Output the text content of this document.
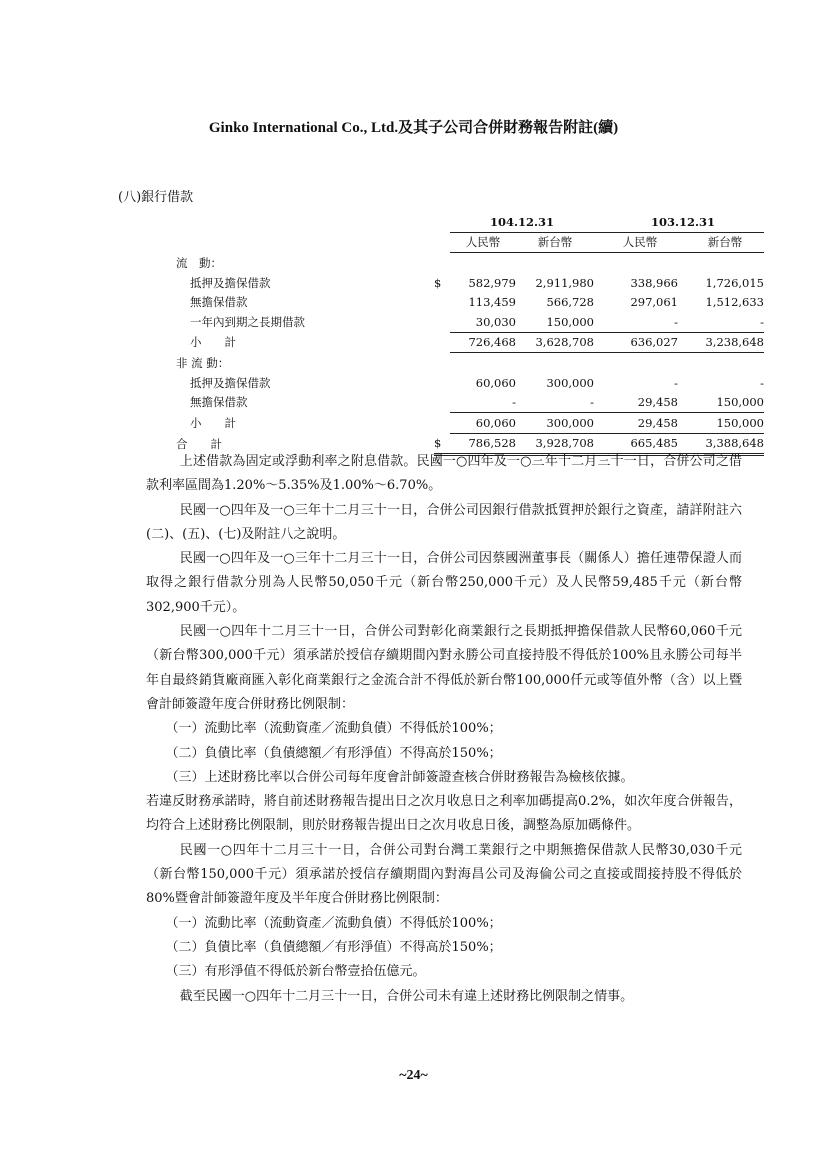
Ginko International Co., Ltd.及其子公司合併財務報告附註(續)
(八)銀行借款
		104.12.31		103.12.31	
		人民幣	新台幣	人民幣	新台幣
流　動：					
抵押及擔保借款	$	582,979	2,911,980	338,966	1,726,015
無擔保借款		113,459	566,728	297,061	1,512,633
一年內到期之長期借款		30,030	150,000	-	-
小　　計		726,468	3,628,708	636,027	3,238,648
非 流 動：					
抵押及擔保借款		60,060	300,000	-	-
無擔保借款		-	-	29,458	150,000
小　　計		60,060	300,000	29,458	150,000
合　　計	$	786,528	3,928,708	665,485	3,388,648

上述借款為固定或浮動利率之附息借款。民國一○四年及一○三年十二月三十一日，合併公司之借款利率區間為1.20%～5.35%及1.00%～6.70%。

民國一○四年及一○三年十二月三十一日，合併公司因銀行借款抵質押於銀行之資產，請詳附註六(二)、(五)、(七)及附註八之說明。

民國一○四年及一○三年十二月三十一日，合併公司因蔡國洲董事長（關係人）擔任連帶保證人而取得之銀行借款分別為人民幣50,050千元（新台幣250,000千元）及人民幣59,485千元（新台幣302,900千元）。

民國一○四年十二月三十一日，合併公司對彰化商業銀行之長期抵押擔保借款人民幣60,060千元（新台幣300,000千元）須承諾於授信存續期間內對永勝公司直接持股不得低於100%且永勝公司每半年自最終銷貨廠商匯入彰化商業銀行之金流合計不得低於新台幣100,000仟元或等值外幣（含）以上暨會計師簽證年度合併財務比例限制：

（一）流動比率（流動資產／流動負債）不得低於100%；

（二）負債比率（負債總額／有形淨值）不得高於150%；

（三）上述財務比率以合併公司每年度會計師簽證查核合併財務報告為檢核依據。

若違反財務承諾時，將自前述財務報告提出日之次月收息日之利率加碼提高0.2%，如次年度合併報告，均符合上述財務比例限制，則於財務報告提出日之次月收息日後，調整為原加碼條件。

民國一○四年十二月三十一日，合併公司對台灣工業銀行之中期無擔保借款人民幣30,030千元（新台幣150,000千元）須承諾於授信存續期間內對海昌公司及海倫公司之直接或間接持股不得低於80%暨會計師簽證年度及半年度合併財務比例限制：

（一）流動比率（流動資產／流動負債）不得低於100%；

（二）負債比率（負債總額／有形淨值）不得高於150%；

（三）有形淨值不得低於新台幣壹拾伍億元。

截至民國一○四年十二月三十一日，合併公司未有違上述財務比例限制之情事。

~24~
